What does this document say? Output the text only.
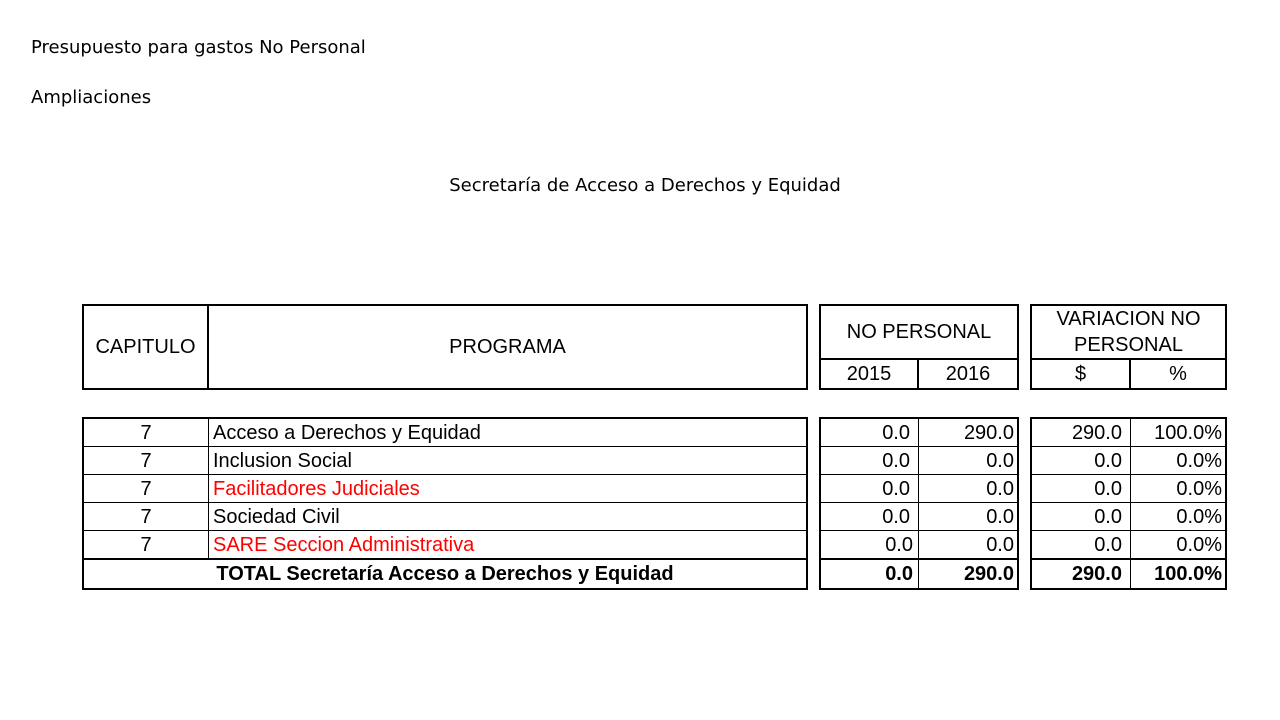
Presupuesto para gastos No Personal
Ampliaciones
Secretaría de Acceso a Derechos y Equidad
CAPITULO	PROGRAMA
NO PERSONAL
2015	2016
VARIACION NO
PERSONAL
$	%
7	Acceso a Derechos y Equidad	0.0	290.0	290.0	100.0%
7	Inclusion Social	0.0	0.0	0.0	0.0%
7	Facilitadores Judiciales	0.0	0.0	0.0	0.0%
7	Sociedad Civil	0.0	0.0	0.0	0.0%
7	SARE Seccion Administrativa	0.0	0.0	0.0	0.0%
TOTAL Secretaría Acceso a Derechos y Equidad	0.0	290.0	290.0	100.0%
